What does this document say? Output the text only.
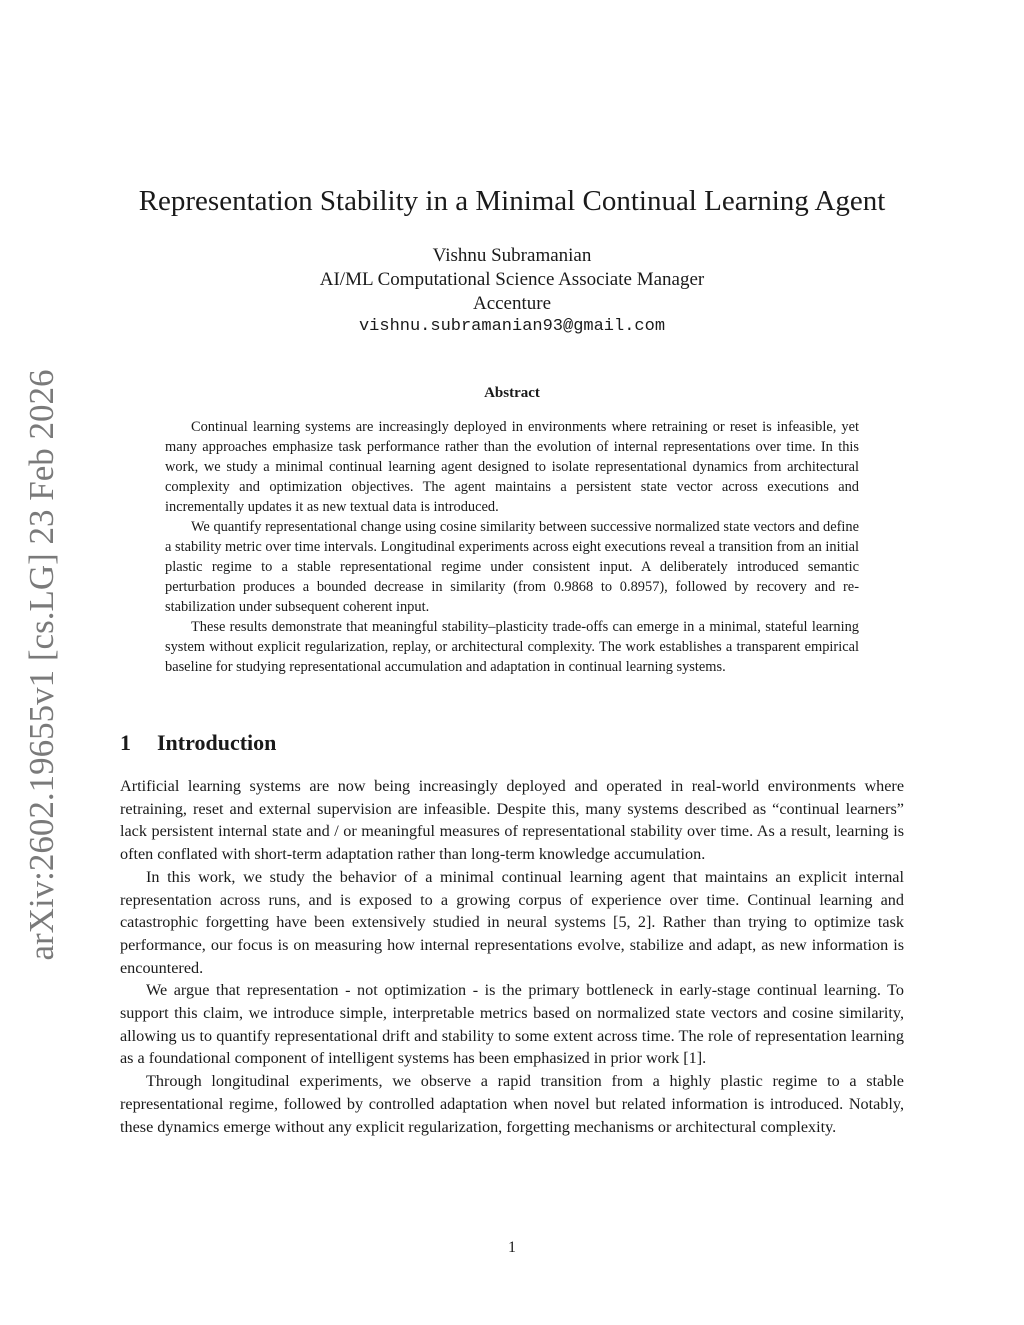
arXiv:2602.19655v1 [cs.LG] 23 Feb 2026
Representation Stability in a Minimal Continual Learning Agent
Vishnu Subramanian
AI/ML Computational Science Associate Manager
Accenture
vishnu.subramanian93@gmail.com
Abstract

Continual learning systems are increasingly deployed in environments where retraining or reset is infeasible, yet many approaches emphasize task performance rather than the evolution of internal representations over time. In this work, we study a minimal continual learning agent designed to isolate representational dynamics from architectural complexity and optimization objectives. The agent maintains a persistent state vector across executions and incrementally updates it as new textual data is introduced.

We quantify representational change using cosine similarity between successive normalized state vectors and define a stability metric over time intervals. Longitudinal experiments across eight executions reveal a transition from an initial plastic regime to a stable representational regime under consistent input. A deliberately introduced semantic perturbation produces a bounded decrease in similarity (from 0.9868 to 0.8957), followed by recovery and re-stabilization under subsequent coherent input.

These results demonstrate that meaningful stability–plasticity trade-offs can emerge in a minimal, stateful learning system without explicit regularization, replay, or architectural complexity. The work establishes a transparent empirical baseline for studying representational accumulation and adaptation in continual learning systems.

1 Introduction

Artificial learning systems are now being increasingly deployed and operated in real-world environments where retraining, reset and external supervision are infeasible. Despite this, many systems described as “continual learners” lack persistent internal state and / or meaningful measures of representational stability over time. As a result, learning is often conflated with short-term adaptation rather than long-term knowledge accumulation.

In this work, we study the behavior of a minimal continual learning agent that maintains an explicit internal representation across runs, and is exposed to a growing corpus of experience over time. Continual learning and catastrophic forgetting have been extensively studied in neural systems [5, 2]. Rather than trying to optimize task performance, our focus is on measuring how internal representations evolve, stabilize and adapt, as new information is encountered.

We argue that representation - not optimization - is the primary bottleneck in early-stage continual learning. To support this claim, we introduce simple, interpretable metrics based on normalized state vectors and cosine similarity, allowing us to quantify representational drift and stability to some extent across time. The role of representation learning as a foundational component of intelligent systems has been emphasized in prior work [1].

Through longitudinal experiments, we observe a rapid transition from a highly plastic regime to a stable representational regime, followed by controlled adaptation when novel but related information is introduced. Notably, these dynamics emerge without any explicit regularization, forgetting mechanisms or architectural complexity.

1
